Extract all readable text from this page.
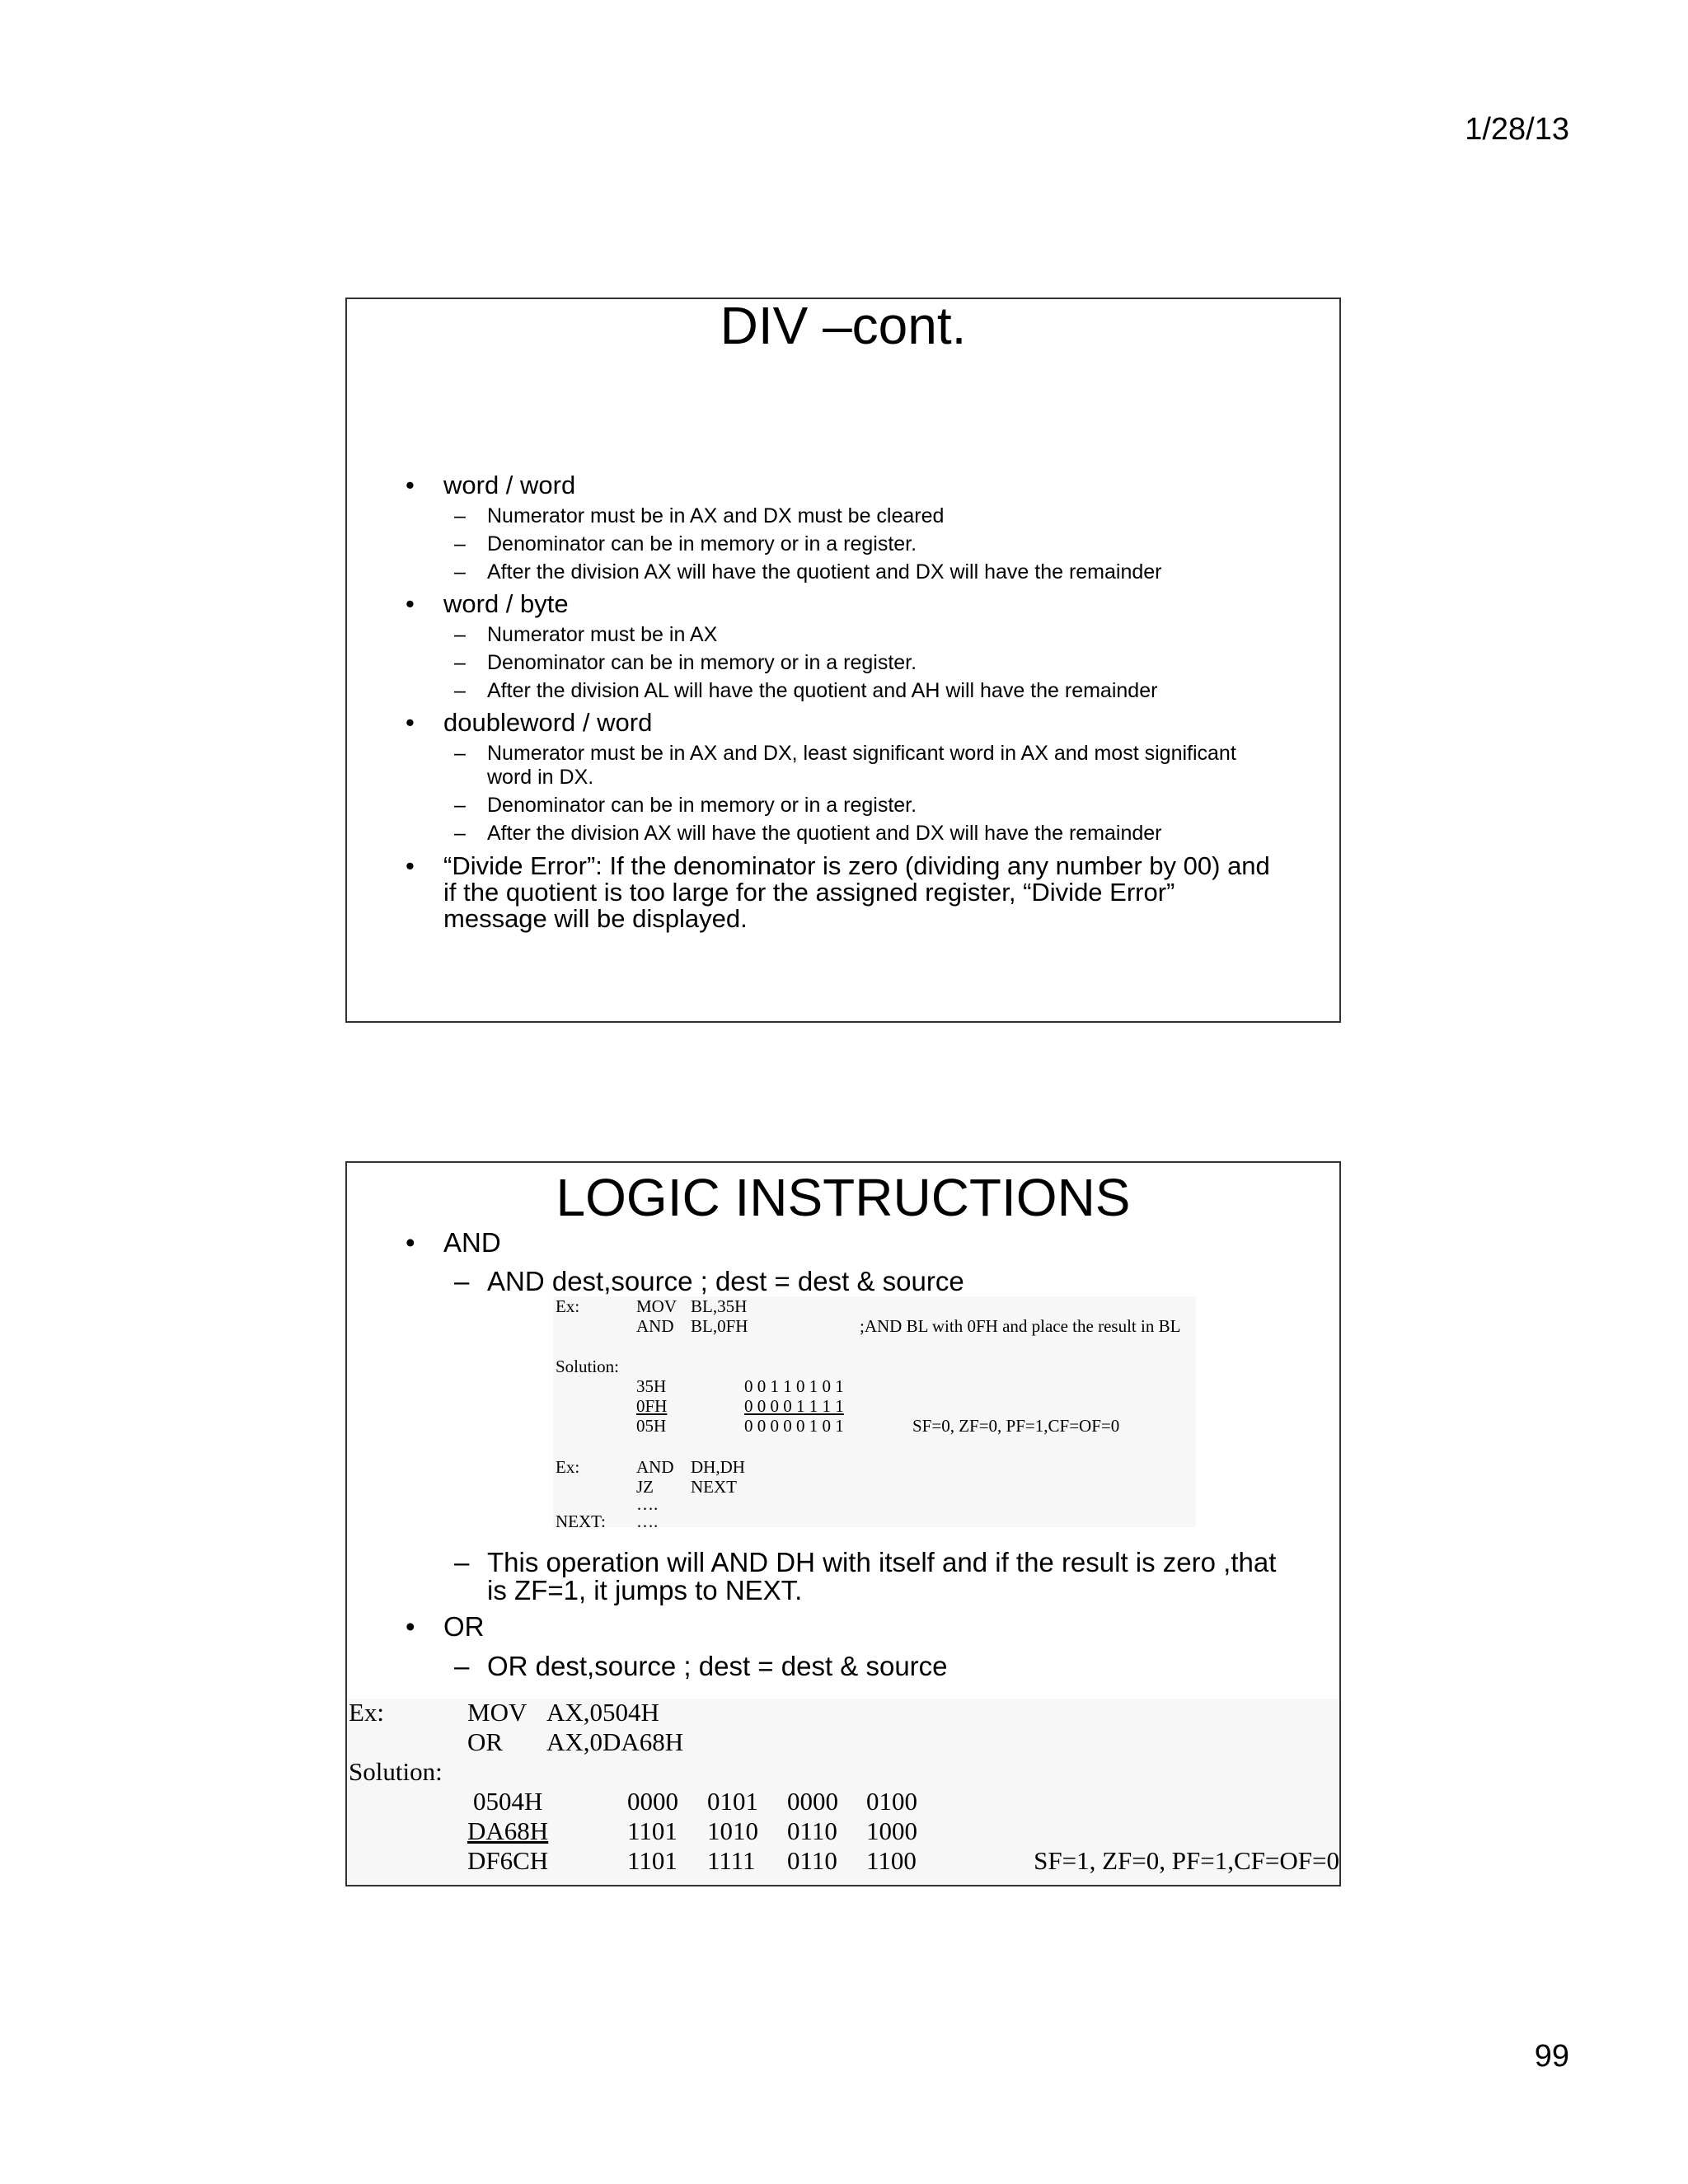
1/28/13
DIV –cont.
• word / word
– Numerator must be in AX and DX must be cleared
– Denominator can be in memory or in a register.
– After the division AX will have the quotient and DX will have the remainder
• word / byte
– Numerator must be in AX
– Denominator can be in memory or in a register.
– After the division AL will have the quotient and AH will have the remainder
• doubleword / word
– Numerator must be in AX and DX, least significant word in AX and most significant
word in DX.
– Denominator can be in memory or in a register.
– After the division AX will have the quotient and DX will have the remainder
• “Divide Error”: If the denominator is zero (dividing any number by 00) and
if the quotient is too large for the assigned register, “Divide Error”
message will be displayed.
LOGIC INSTRUCTIONS
• AND
– AND dest,source ; dest = dest & source
Ex:	MOV BL,35H
AND BL,0FH	;AND BL with 0FH and place the result in BL
Solution:
35H	0 0 1 1 0 1 0 1
0FH	0 0 0 0 1 1 1 1
05H	0 0 0 0 0 1 0 1	SF=0, ZF=0, PF=1,CF=OF=0
Ex:	AND DH,DH
JZ NEXT
….
NEXT: ….
– This operation will AND DH with itself and if the result is zero ,that
is ZF=1, it jumps to NEXT.
• OR
– OR dest,source ; dest = dest & source
Ex:	MOV AX,0504H
OR AX,0DA68H
Solution:
0504H	0000 0101 0000 0100
DA68H	1101 1010 0110 1000
DF6CH	1101 1111 0110 1100	SF=1, ZF=0, PF=1,CF=OF=0
99
